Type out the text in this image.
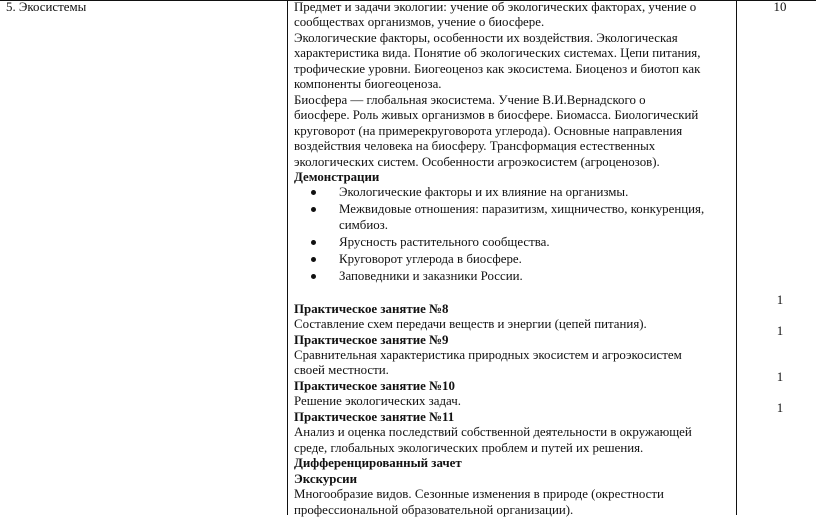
5. Экосистемы	Предмет и задачи экологии: учение об экологических факторах, учение о
сообществах организмов, учение о биосфере.
Экологические факторы, особенности их воздействия. Экологическая
характеристика вида. Понятие об экологических системах. Цепи питания,
трофические уровни. Биогеоценоз как экосистема. Биоценоз и биотоп как
компоненты биогеоценоза.
Биосфера — глобальная экосистема. Учение В.И.Вернадского о
биосфере. Роль живых организмов в биосфере. Биомасса. Биологический
круговорот (на примерекруговорота углерода). Основные направления
воздействия человека на биосферу. Трансформация естественных
экологических систем. Особенности агроэкосистем (агроценозов).
Демонстрации
Экологические факторы и их влияние на организмы.
Межвидовые отношения: паразитизм, хищничество, конкуренция,
симбиоз.
Ярусность растительного сообщества.
Круговорот углерода в биосфере.
Заповедники и заказники России.
Практическое занятие №8
Составление схем передачи веществ и энергии (цепей питания).
Практическое занятие №9
Сравнительная характеристика природных экосистем и агроэкосистем
своей местности.
Практическое занятие №10
Решение экологических задач.
Практическое занятие №11
Анализ и оценка последствий собственной деятельности в окружающей
среде, глобальных экологических проблем и путей их решения.
Дифференцированный зачет
Экскурсии
Многообразие видов. Сезонные изменения в природе (окрестности
профессиональной образовательной организации).
10
1
1
1
1
